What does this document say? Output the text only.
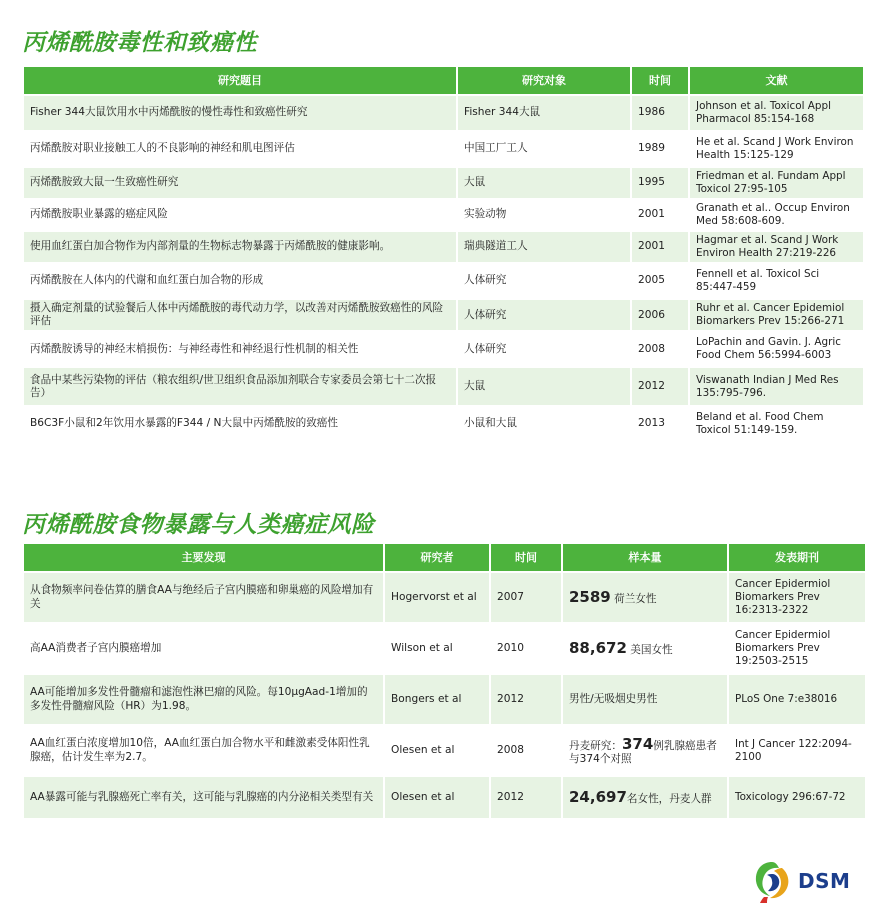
丙烯酰胺毒性和致癌性
研究题目	研究对象	时间	文献
Fisher 344大鼠饮用水中丙烯酰胺的慢性毒性和致癌性研究	Fisher 344大鼠	1986	Johnson et al. Toxicol Appl Pharmacol 85:154-168
丙烯酰胺对职业接触工人的不良影响的神经和肌电图评估	中国工厂工人	1989	He et al. Scand J Work Environ Health 15:125-129
丙烯酰胺致大鼠一生致癌性研究	大鼠	1995	Friedman et al. Fundam Appl Toxicol 27:95-105
丙烯酰胺职业暴露的癌症风险	实验动物	2001	Granath et al.. Occup Environ Med 58:608-609.
使用血红蛋白加合物作为内部剂量的生物标志物暴露于丙烯酰胺的健康影响。	瑞典隧道工人	2001	Hagmar et al. Scand J Work Environ Health 27:219-226
丙烯酰胺在人体内的代谢和血红蛋白加合物的形成	人体研究	2005	Fennell et al. Toxicol Sci 85:447-459
摄入确定剂量的试验餐后人体中丙烯酰胺的毒代动力学，以改善对丙烯酰胺致癌性的风险评估	人体研究	2006	Ruhr et al. Cancer Epidemiol Biomarkers Prev 15:266-271
丙烯酰胺诱导的神经末梢损伤：与神经毒性和神经退行性机制的相关性	人体研究	2008	LoPachin and Gavin. J. Agric Food Chem 56:5994-6003
食品中某些污染物的评估（粮农组织/世卫组织食品添加剂联合专家委员会第七十二次报告）	大鼠	2012	Viswanath Indian J Med Res 135:795-796.
B6C3F小鼠和2年饮用水暴露的F344 / N大鼠中丙烯酰胺的致癌性	小鼠和大鼠	2013	Beland et al. Food Chem Toxicol 51:149-159.
丙烯酰胺食物暴露与人类癌症风险
主要发现	研究者	时间	样本量	发表期刊
从食物频率问卷估算的膳食AA与绝经后子宫内膜癌和卵巢癌的风险增加有关	Hogervorst et al	2007	2589 荷兰女性	Cancer Epidermiol Biomarkers Prev 16:2313-2322
高AA消费者子宫内膜癌增加	Wilson et al	2010	88,672 美国女性	Cancer Epidermiol Biomarkers Prev 19:2503-2515
AA可能增加多发性骨髓瘤和滤泡性淋巴瘤的风险。每10μgAad-1增加的多发性骨髓瘤风险（HR）为1.98。	Bongers et al	2012	男性/无吸烟史男性	PLoS One 7:e38016
AA血红蛋白浓度增加10倍，AA血红蛋白加合物水平和雌激素受体阳性乳腺癌，估计发生率为2.7。	Olesen et al	2008	丹麦研究：374例乳腺癌患者与374个对照	Int J Cancer 122:2094-2100
AA暴露可能与乳腺癌死亡率有关，这可能与乳腺癌的内分泌相关类型有关	Olesen et al	2012	24,697名女性，丹麦人群	Toxicology 296:67-72
DSM
